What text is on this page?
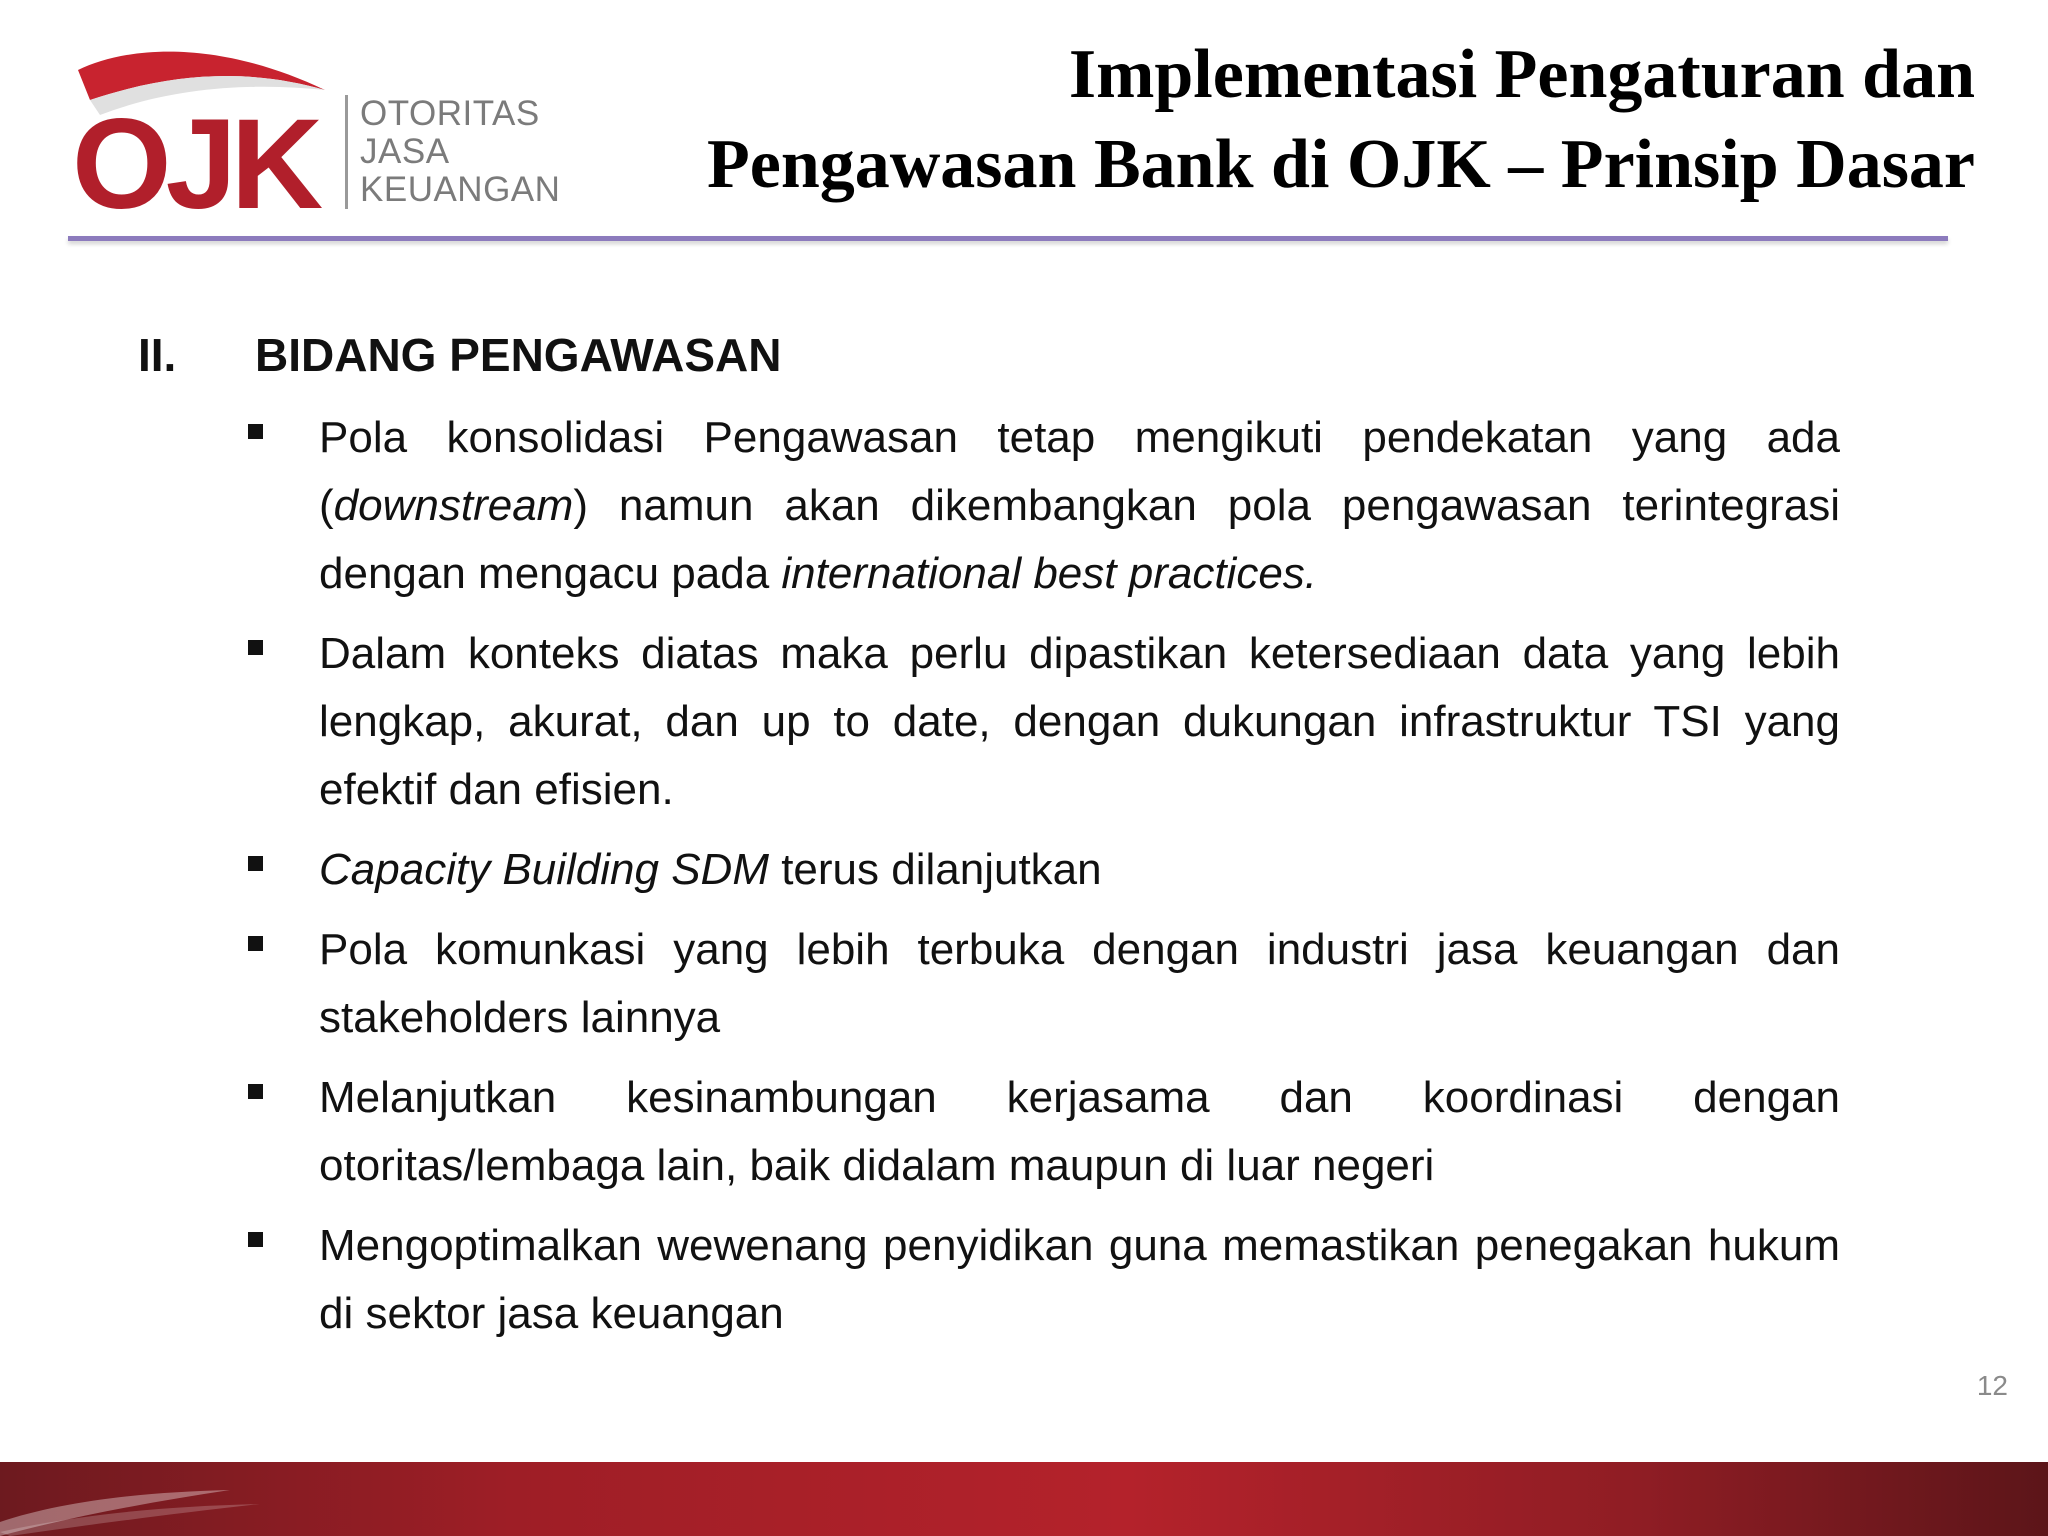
OJK OTORITAS
JASA
KEUANGAN
Implementasi Pengaturan dan
Pengawasan Bank di OJK – Prinsip Dasar
II. BIDANG PENGAWASAN
Pola konsolidasi Pengawasan tetap mengikuti pendekatan yang ada (downstream) namun akan dikembangkan pola pengawasan terintegrasi dengan mengacu pada international best practices.
Dalam konteks diatas maka perlu dipastikan ketersediaan data yang lebih lengkap, akurat, dan up to date, dengan dukungan infrastruktur TSI yang efektif dan efisien.
Capacity Building SDM terus dilanjutkan
Pola komunkasi yang lebih terbuka dengan industri jasa keuangan dan stakeholders lainnya
Melanjutkan kesinambungan kerjasama dan koordinasi dengan otoritas/lembaga lain, baik didalam maupun di luar negeri
Mengoptimalkan wewenang penyidikan guna memastikan penegakan hukum di sektor jasa keuangan
12
